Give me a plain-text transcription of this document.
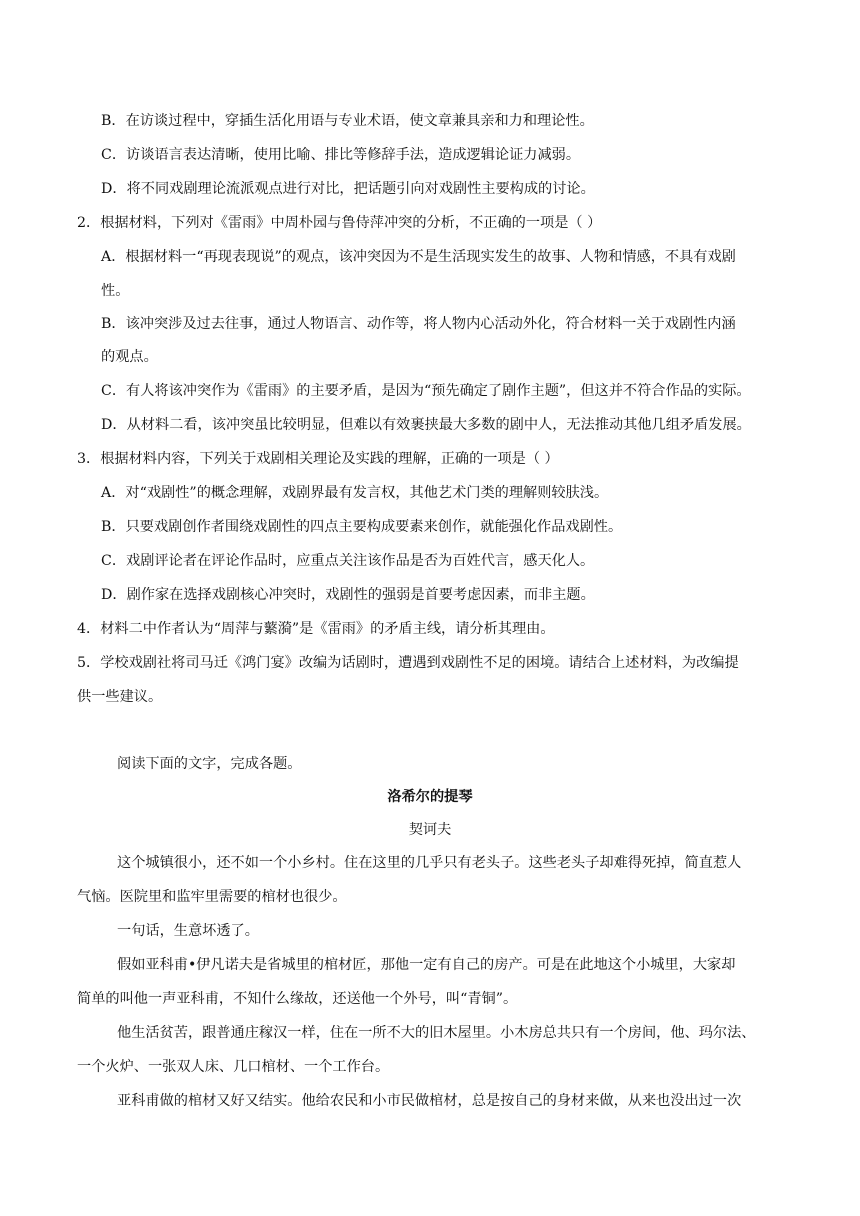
B．在访谈过程中，穿插生活化用语与专业术语，使文章兼具亲和力和理论性。
C．访谈语言表达清晰，使用比喻、排比等修辞手法，造成逻辑论证力减弱。
D．将不同戏剧理论流派观点进行对比，把话题引向对戏剧性主要构成的讨论。
2．根据材料，下列对《雷雨》中周朴园与鲁侍萍冲突的分析，不正确的一项是（ ）
A．根据材料一“再现表现说”的观点，该冲突因为不是生活现实发生的故事、人物和情感，不具有戏剧
性。
B．该冲突涉及过去往事，通过人物语言、动作等，将人物内心活动外化，符合材料一关于戏剧性内涵
的观点。
C．有人将该冲突作为《雷雨》的主要矛盾，是因为“预先确定了剧作主题”，但这并不符合作品的实际。
D．从材料二看，该冲突虽比较明显，但难以有效裹挟最大多数的剧中人，无法推动其他几组矛盾发展。
3．根据材料内容，下列关于戏剧相关理论及实践的理解，正确的一项是（ ）
A．对“戏剧性”的概念理解，戏剧界最有发言权，其他艺术门类的理解则较肤浅。
B．只要戏剧创作者围绕戏剧性的四点主要构成要素来创作，就能强化作品戏剧性。
C．戏剧评论者在评论作品时，应重点关注该作品是否为百姓代言，感天化人。
D．剧作家在选择戏剧核心冲突时，戏剧性的强弱是首要考虑因素，而非主题。
4．材料二中作者认为“周萍与蘩漪”是《雷雨》的矛盾主线，请分析其理由。
5．学校戏剧社将司马迁《鸿门宴》改编为话剧时，遭遇到戏剧性不足的困境。请结合上述材料，为改编提
供一些建议。
阅读下面的文字，完成各题。
洛希尔的提琴
契诃夫
这个城镇很小，还不如一个小乡村。住在这里的几乎只有老头子。这些老头子却难得死掉，简直惹人
气恼。医院里和监牢里需要的棺材也很少。
一句话，生意坏透了。
假如亚科甫•伊凡诺夫是省城里的棺材匠，那他一定有自己的房产。可是在此地这个小城里，大家却
简单的叫他一声亚科甫，不知什么缘故，还送他一个外号，叫“青铜”。
他生活贫苦，跟普通庄稼汉一样，住在一所不大的旧木屋里。小木房总共只有一个房间，他、玛尔法、
一个火炉、一张双人床、几口棺材、一个工作台。
亚科甫做的棺材又好又结实。他给农民和小市民做棺材，总是按自己的身材来做，从来也没出过一次
